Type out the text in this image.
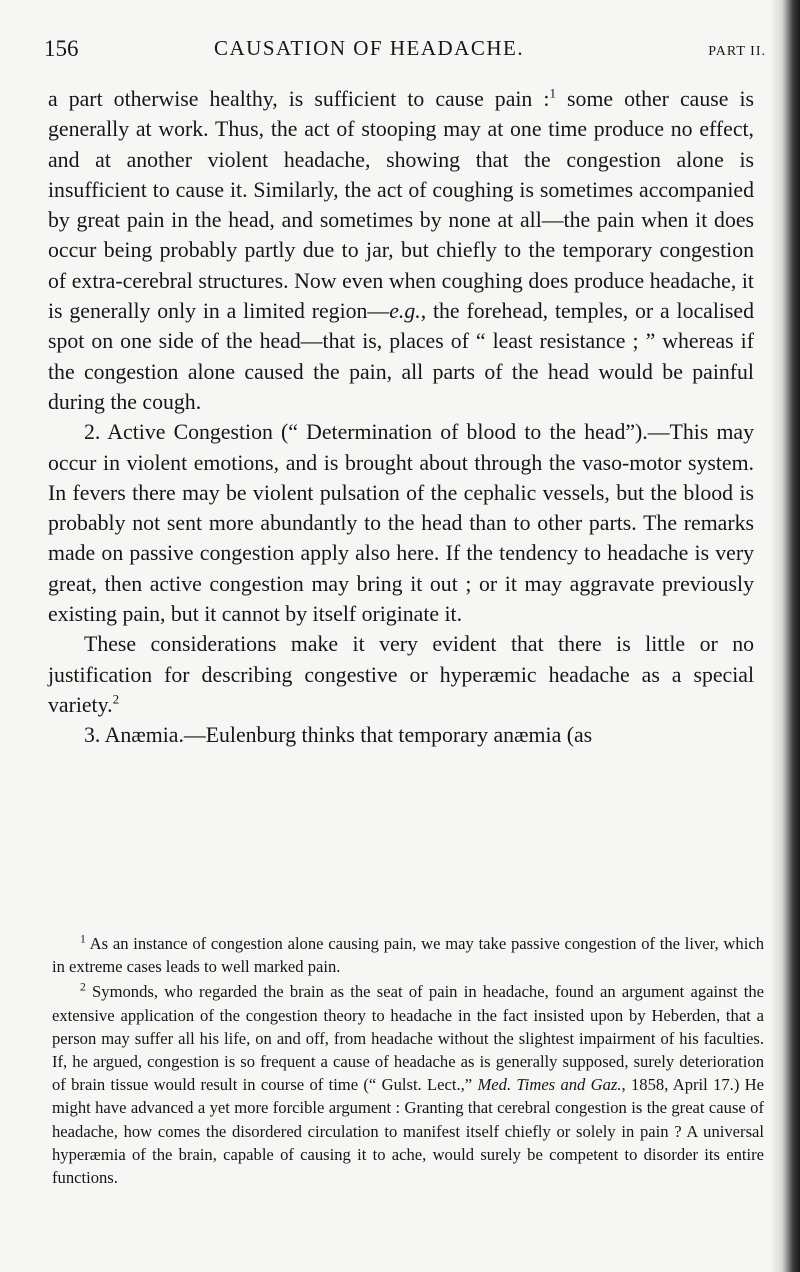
156	CAUSATION OF HEADACHE.	PART II.

a part otherwise healthy, is sufficient to cause pain :$^1$ some other cause is generally at work. Thus, the act of stooping may at one time produce no effect, and at another violent headache, showing that the congestion alone is insufficient to cause it. Similarly, the act of coughing is sometimes accompanied by great pain in the head, and sometimes by none at all—the pain when it does occur being probably partly due to jar, but chiefly to the temporary congestion of extra-cerebral structures. Now even when coughing does produce headache, it is generally only in a limited region—e.g., the forehead, temples, or a localised spot on one side of the head—that is, places of “ least resistance ; ” whereas if the congestion alone caused the pain, all parts of the head would be painful during the cough.

2. Active Congestion (“ Determination of blood to the head”).—This may occur in violent emotions, and is brought about through the vaso-motor system. In fevers there may be violent pulsation of the cephalic vessels, but the blood is probably not sent more abundantly to the head than to other parts. The remarks made on passive congestion apply also here. If the tendency to headache is very great, then active congestion may bring it out ; or it may aggravate previously existing pain, but it cannot by itself originate it.

These considerations make it very evident that there is little or no justification for describing congestive or hyperæmic headache as a special variety.$^2$

3. Anæmia.—Eulenburg thinks that temporary anæmia (as

$^1$ As an instance of congestion alone causing pain, we may take passive congestion of the liver, which in extreme cases leads to well marked pain.

$^2$ Symonds, who regarded the brain as the seat of pain in headache, found an argument against the extensive application of the congestion theory to headache in the fact insisted upon by Heberden, that a person may suffer all his life, on and off, from headache without the slightest impairment of his faculties. If, he argued, congestion is so frequent a cause of headache as is generally supposed, surely deterioration of brain tissue would result in course of time (“ Gulst. Lect.,” Med. Times and Gaz., 1858, April 17.) He might have advanced a yet more forcible argument : Granting that cerebral congestion is the great cause of headache, how comes the disordered circulation to manifest itself chiefly or solely in pain ? A universal hyperæmia of the brain, capable of causing it to ache, would surely be competent to disorder its entire functions.
